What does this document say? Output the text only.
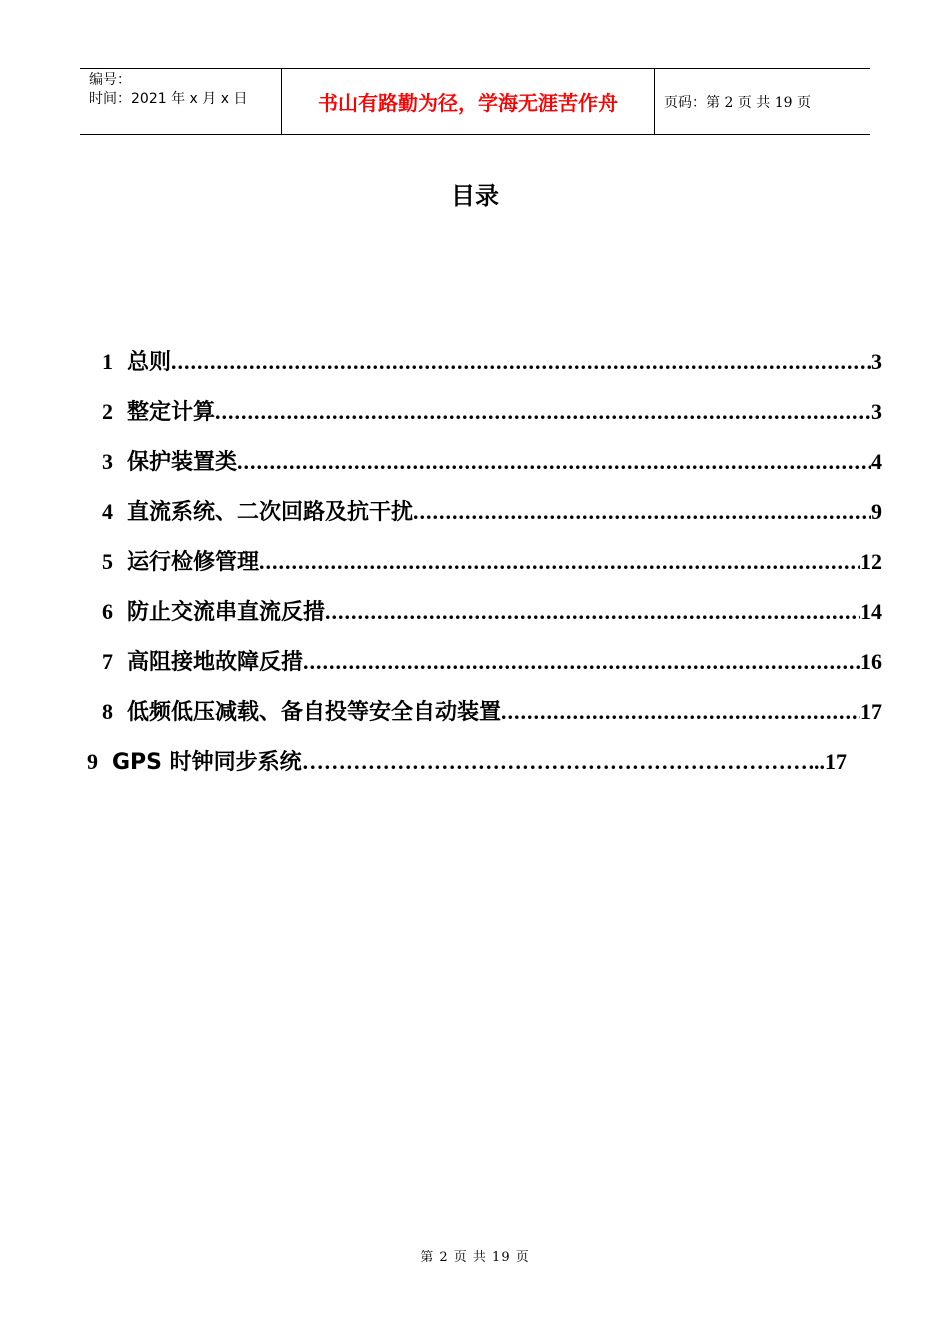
编号：
时间：2021 年 x 月 x 日	书山有路勤为径，学海无涯苦作舟	页码：第 2 页 共 19 页
目录
1 总则 .....	3
2 整定计算 .....	3
3 保护装置类 .....	4
4 直流系统、二次回路及抗干扰 .....	9
5 运行检修管理 .....	12
6 防止交流串直流反措 .....	14
7 高阻接地故障反措 .....	16
8 低频低压减载、备自投等安全自动装置 .....	17
9 GPS 时钟同步系统 ……………………………………………………………………………………………………………………	..17
第 2 页 共 19 页
